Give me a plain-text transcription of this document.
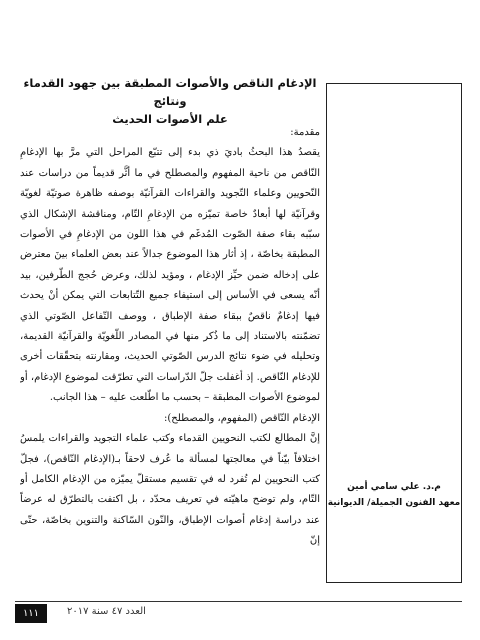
الإدغام الناقص والأصوات المطبقة بين جهود القدماء ونتائج
علم الأصوات الحديث
م.د. علي سامي أمين
معهد الفنون الجميلة/ الديوانية

مقدمة:

يقصدُ هذا البحثُ باديَ ذي بدء إلى تتبّع المراحل التي مرَّ بها الإدغامِ النّاقص من ناحية المفهوم والمصطلح في ما أثَّر قديماً من دراسات عند النّحويين وعلماء التّجويد والقراءات القرآنيّة بوصفه ظاهرة صوتيّة لغويّة وقرآنيّة لها أبعادٌ خاصة تميّزه من الإدغامِ التّام، ومناقشة الإشكال الذي سبّبه بقاء صفة الصّوت المُدغَم في هذا اللون من الإدغامِ في الأصوات المطبقة بخاصّة ، إذ أثار هذا الموضوع جدالاً عند بعض العلماء بينَ معترض على إدخاله ضمن حيِّز الإدغام ، ومؤيد لذلك، وعرض حُجج الطّرفين، بيد أنّه يسعى في الأساس إلى استيفاء جميع التّتابعات التي يمكن أنْ يحدث فيها إدغامٌ ناقصٌ ببقاء صفة الإطباق ، ووصف التّفاعل الصّوتي الذي تضمّنته بالاستناد إلى ما ذُكر منها في المصادر اللّغويّة والقرآنيّة القديمة، وتحليله في ضوء نتائج الدرس الصّوتي الحديث، ومقارنته بتحقّقات أخرى للإدغام النّاقص. إذ أغفلت جلّ الدّراسات التي تطرّقت لموضوع الإدغام، أو لموضوع الأصوات المطبقة – بحسب ما اطّلعت عليه – هذا الجانب.

الإدغام النّاقص (المفهوم، والمصطلح):

إنَّ المطالع لكتب النحويين القدماء وكتب علماء التجويد والقراءات يلمسُ اختلافاً بيّناً في معالجتها لمسألة ما عُرف لاحقاً بـ(الإدغام النّاقص)، فجلّ كتب النحويين لم تُفرد له في تقسيم مستقلّ يميّزه من الإدغام الكامل أو التّام، ولم توضح ماهيّته في تعريف محدّد ، بل اكتفت بالتطرّق له عرضاً عند دراسة إدغام أصوات الإطباق، والنّون السّاكنة والتنوين بخاصّة، حتّى إنّ

١١١	العدد ٤٧ سنة ٢٠١٧
